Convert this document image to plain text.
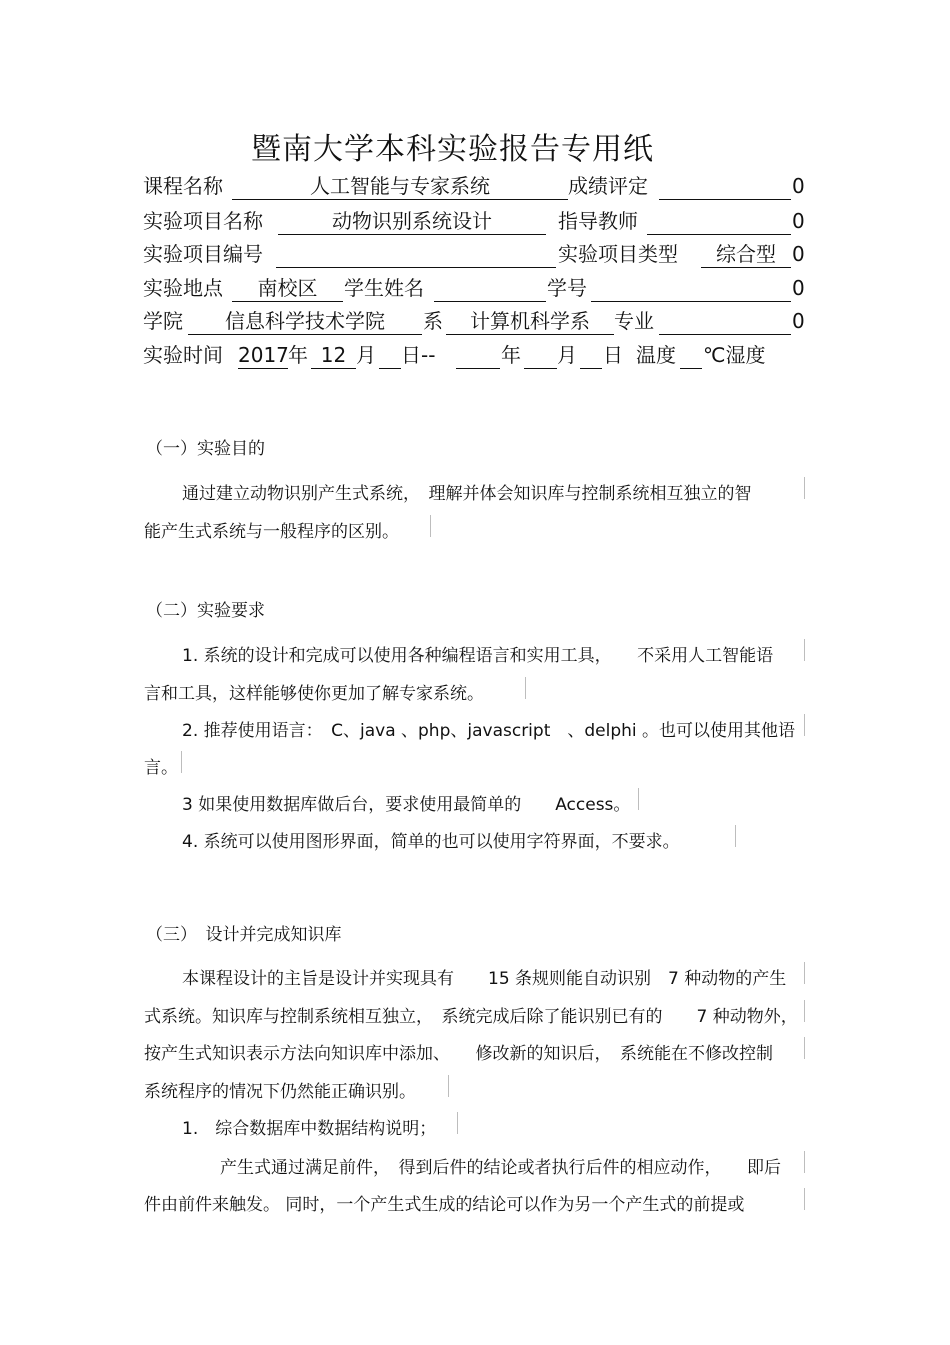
暨南大学本科实验报告专用纸
课程名称	人工智能与专家系统	成绩评定	0
实验项目名称	动物识别系统设计	指导教师	0
实验项目编号	实验项目类型	综合型 0
实验地点	南校区	学生姓名	学号	0
学院	信息科学技术学院	系	计算机科学系	专业	0
实验时间 2017 年 12 月 日--	年 月 日 温度 ℃湿度
（一）实验目的
通过建立动物识别产生式系统，　理解并体会知识库与控制系统相互独立的智
能产生式系统与一般程序的区别。
（二）实验要求
1. 系统的设计和完成可以使用各种编程语言和实用工具，　　不采用人工智能语
言和工具，这样能够使你更加了解专家系统。
2. 推荐使用语言：　C、java 、php、javascript　、delphi 。也可以使用其他语
言。
3 如果使用数据库做后台，要求使用最简单的　　Access。
4. 系统可以使用图形界面，简单的也可以使用字符界面，不要求。
（三）　设计并完成知识库
本课程设计的主旨是设计并实现具有　　15 条规则能自动识别　7 种动物的产生
式系统。知识库与控制系统相互独立，　系统完成后除了能识别已有的　　7 种动物外，
按产生式知识表示方法向知识库中添加、　　修改新的知识后，　系统能在不修改控制
系统程序的情况下仍然能正确识别。
1.　综合数据库中数据结构说明；
产生式通过满足前件，　得到后件的结论或者执行后件的相应动作，　　即后
件由前件来触发。 同时，一个产生式生成的结论可以作为另一个产生式的前提或
